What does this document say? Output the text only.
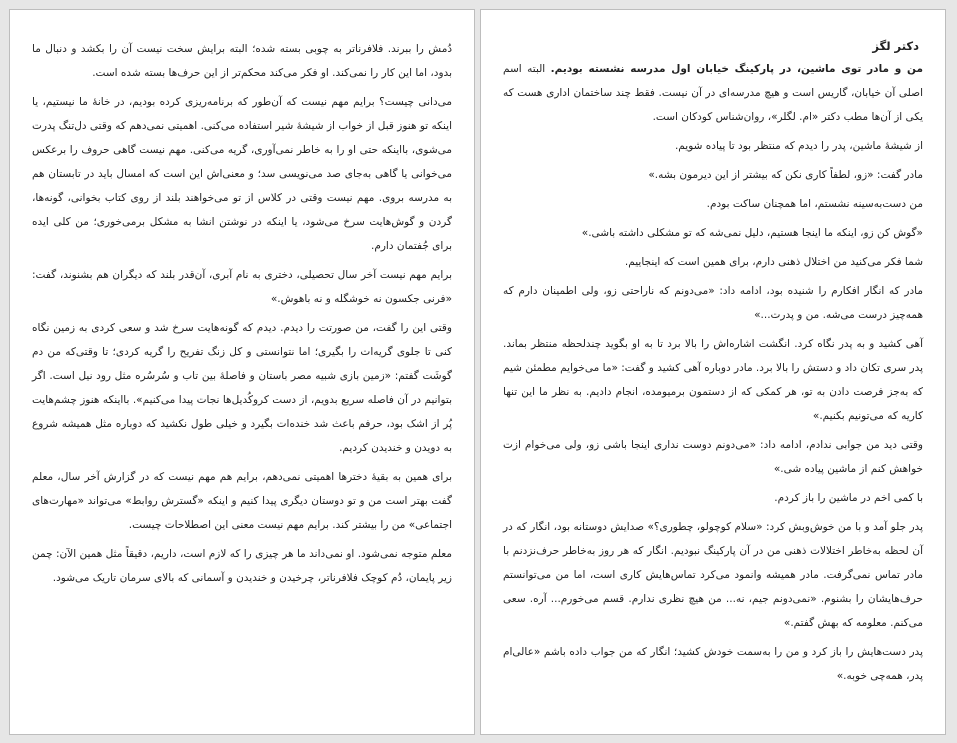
دُمش را ببرند. فلافرناتر به چوبی بسته شده؛ البته برایش سخت نیست آن را بکشد و دنبال ما بدود، اما این کار را نمی‌کند. او فکر می‌کند محکم‌تر از این حرف‌ها بسته شده است.

می‌دانی چیست؟ برایم مهم نیست که آن‌طور که برنامه‌ریزی کرده بودیم، در خانهٔ ما نیستیم، یا اینکه تو هنوز قبل از خواب از شیشهٔ شیر استفاده می‌کنی. اهمیتی نمی‌دهم که وقتی دل‌تنگ پدرت می‌شوی، بااینکه حتی او را به خاطر نمی‌آوری، گریه می‌کنی. مهم نیست گاهی حروف را برعکس می‌خوانی یا گاهی به‌جای صد می‌نویسی سد؛ و معنی‌اش این است که امسال باید در تابستان هم به مدرسه بروی. مهم نیست وقتی در کلاس از تو می‌خواهند بلند از روی کتاب بخوانی، گونه‌ها، گردن و گوش‌هایت سرخ می‌شود، یا اینکه در نوشتن انشا به مشکل برمی‌خوری؛ من کلی ایده برای جُفتمان دارم.

برایم مهم نیست آخر سال تحصیلی، دختری به نام آبری، آن‌قدر بلند که دیگران هم بشنوند، گفت: «فرنی جکسون نه خوشگله و نه باهوش.»

وقتی این را گفت، من صورتت را دیدم. دیدم که گونه‌هایت سرخ شد و سعی کردی به زمین نگاه کنی تا جلوی گریه‌ات را بگیری؛ اما نتوانستی و کل زنگ تفریح را گریه کردی؛ تا وقتی‌که من دم گوشَت گفتم: «زمین بازی شبیه مصر باستان و فاصلهٔ بین تاب و سُرسُره مثل رود نیل است. اگر بتوانیم در آن فاصله سریع بدویم، از دست کروکُدیل‌ها نجات پیدا می‌کنیم». بااینکه هنوز چشم‌هایت پُر از اشک بود، حرفم باعث شد خنده‌ات بگیرد و خیلی طول نکشید که دوباره مثل همیشه شروع به دویدن و خندیدن کردیم.

برای همین به بقیهٔ دخترها اهمیتی نمی‌دهم، برایم هم مهم نیست که در گزارش آخر سال، معلم گفت بهتر است من و تو دوستان دیگری پیدا کنیم و اینکه «گسترش روابط» می‌تواند «مهارت‌های اجتماعی» من را بیشتر کند. برایم مهم نیست معنی این اصطلاحات چیست.

معلم متوجه نمی‌شود. او نمی‌داند ما هر چیزی را که لازم است، داریم، دقیقاً مثل همین الآن: چمن زیر پایمان، دُم کوچک فلافرناتر، چرخیدن و خندیدن و آسمانی که بالای سرمان تاریک می‌شود.

دکتر لگز

من و مادر توی ماشین، در پارکینگ خیابان اول مدرسه نشسته بودیم. البته اسم اصلی آن خیابان، گاریس است و هیچ مدرسه‌ای در آن نیست. فقط چند ساختمان اداری هست که یکی از آن‌ها مطب دکتر «ام. لگلر»، روان‌شناس کودکان است.

از شیشهٔ ماشین، پدر را دیدم که منتظر بود تا پیاده شویم.

مادر گفت: «زو، لطفاً کاری نکن که بیشتر از این دیرمون بشه.»

من دست‌به‌سینه نشستم، اما همچنان ساکت بودم.

«گوش کن زو، اینکه ما اینجا هستیم، دلیل نمی‌شه که تو مشکلی داشته باشی.»

شما فکر می‌کنید من اختلال ذهنی دارم، برای همین است که اینجاییم.

مادر که انگار افکارم را شنیده بود، ادامه داد: «می‌دونم که ناراحتی زو، ولی اطمینان دارم که همه‌چیز درست می‌شه. من و پدرت...»

آهی کشید و به پدر نگاه کرد. انگشت اشاره‌اش را بالا برد تا به او بگوید چندلحظه منتظر بماند. پدر سری تکان داد و دستش را بالا برد. مادر دوباره آهی کشید و گفت: «ما می‌خوایم مطمئن شیم که به‌جز فرصت دادن به تو، هر کمکی که از دستمون برمیومده، انجام دادیم. به نظر ما این تنها کاریه که می‌تونیم بکنیم.»

وقتی دید من جوابی ندادم، ادامه داد: «می‌دونم دوست نداری اینجا باشی زو، ولی می‌خوام ازت خواهش کنم از ماشین پیاده شی.»

با کمی اخم در ماشین را باز کردم.

پدر جلو آمد و با من خوش‌وبش کرد: «سلام کوچولو، چطوری؟» صدایش دوستانه بود، انگار که در آن لحظه به‌خاطر اختلالات ذهنی من در آن پارکینگ نبودیم. انگار که هر روز به‌خاطر حرف‌نزدنم با مادر تماس نمی‌گرفت. مادر همیشه وانمود می‌کرد تماس‌هایش کاری است، اما من می‌توانستم حرف‌هایشان را بشنوم. «نمی‌دونم جیم، نه... من هیچ نظری ندارم. قسم می‌خورم... آره. سعی می‌کنم. معلومه که بهش گفتم.»

پدر دست‌هایش را باز کرد و من را به‌سمت خودش کشید؛ انگار که من جواب داده باشم «عالی‌ام پدر، همه‌چی خوبه.»
